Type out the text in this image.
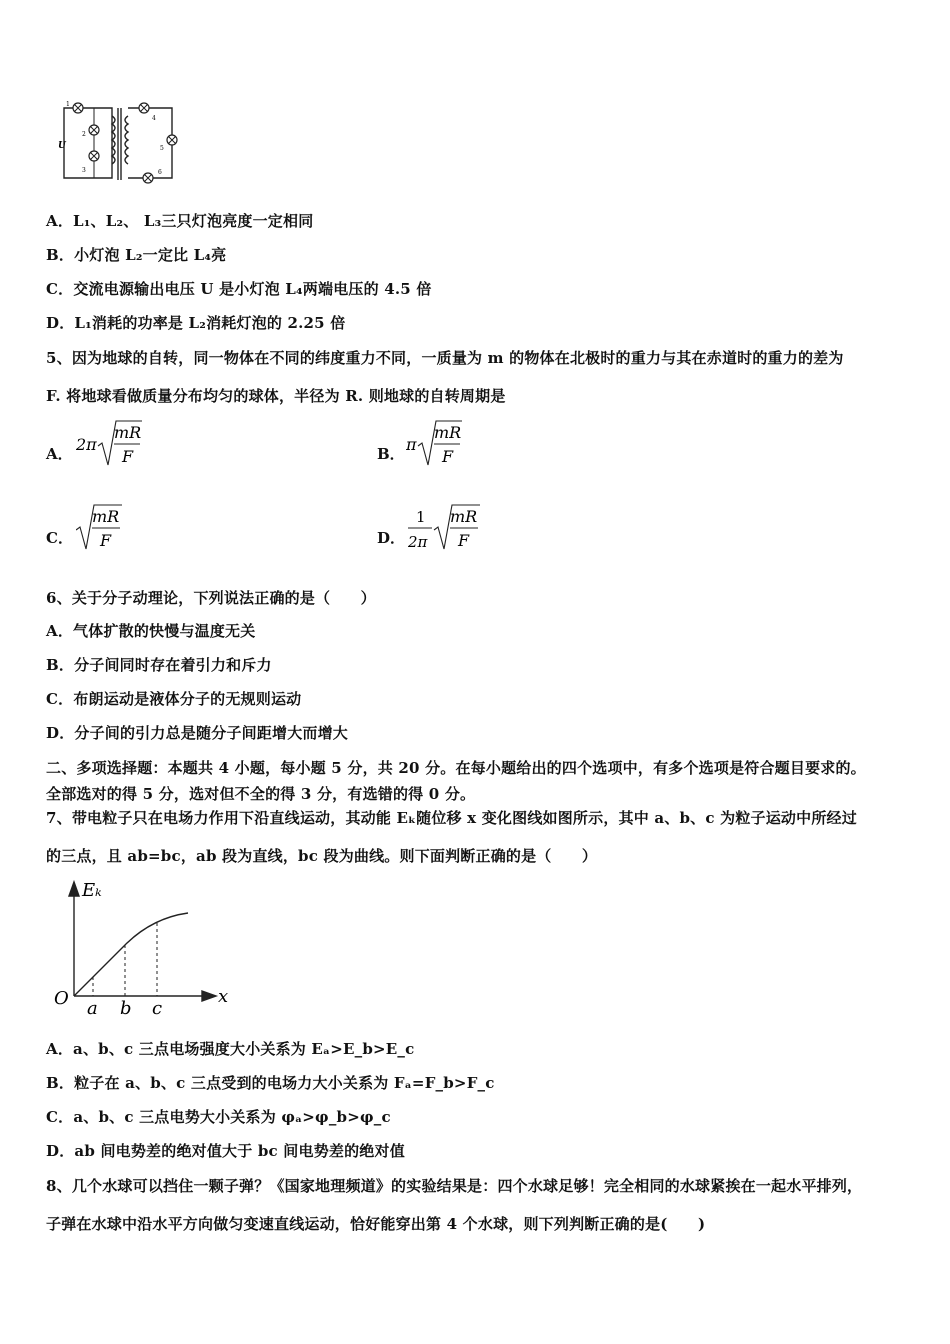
U
1
2
3
4
5
6
A．L₁、L₂、 L₃三只灯泡亮度一定相同
B．小灯泡 L₂一定比 L₄亮
C．交流电源输出电压 U 是小灯泡 L₄两端电压的 4.5 倍
D．L₁消耗的功率是 L₂消耗灯泡的 2.25 倍
5、因为地球的自转，同一物体在不同的纬度重力不同，一质量为 m 的物体在北极时的重力与其在赤道时的重力的差为
F. 将地球看做质量分布均匀的球体，半径为 R. 则地球的自转周期是
A． 2π
mR
F	B． π
mR
F
C．
mR
F	D．
1
2π
mR
F
6、关于分子动理论，下列说法正确的是（　　）
A．气体扩散的快慢与温度无关
B．分子间同时存在着引力和斥力
C．布朗运动是液体分子的无规则运动
D．分子间的引力总是随分子间距增大而增大
二、多项选择题：本题共 4 小题，每小题 5 分，共 20 分。在每小题给出的四个选项中，有多个选项是符合题目要求的。
全部选对的得 5 分，选对但不全的得 3 分，有选错的得 0 分。
7、带电粒子只在电场力作用下沿直线运动，其动能 Eₖ随位移 x 变化图线如图所示，其中 a、b、c 为粒子运动中所经过
的三点，且 ab=bc，ab 段为直线，bc 段为曲线。则下面判断正确的是（　　）
Eₖ
x
O a b c
A．a、b、c 三点电场强度大小关系为 Eₐ>E_b>E_c
B．粒子在 a、b、c 三点受到的电场力大小关系为 Fₐ=F_b>F_c
C．a、b、c 三点电势大小关系为 φₐ>φ_b>φ_c
D．ab 间电势差的绝对值大于 bc 间电势差的绝对值
8、几个水球可以挡住一颗子弹？《国家地理频道》的实验结果是：四个水球足够！完全相同的水球紧挨在一起水平排列，
子弹在水球中沿水平方向做匀变速直线运动，恰好能穿出第 4 个水球，则下列判断正确的是(　　)
